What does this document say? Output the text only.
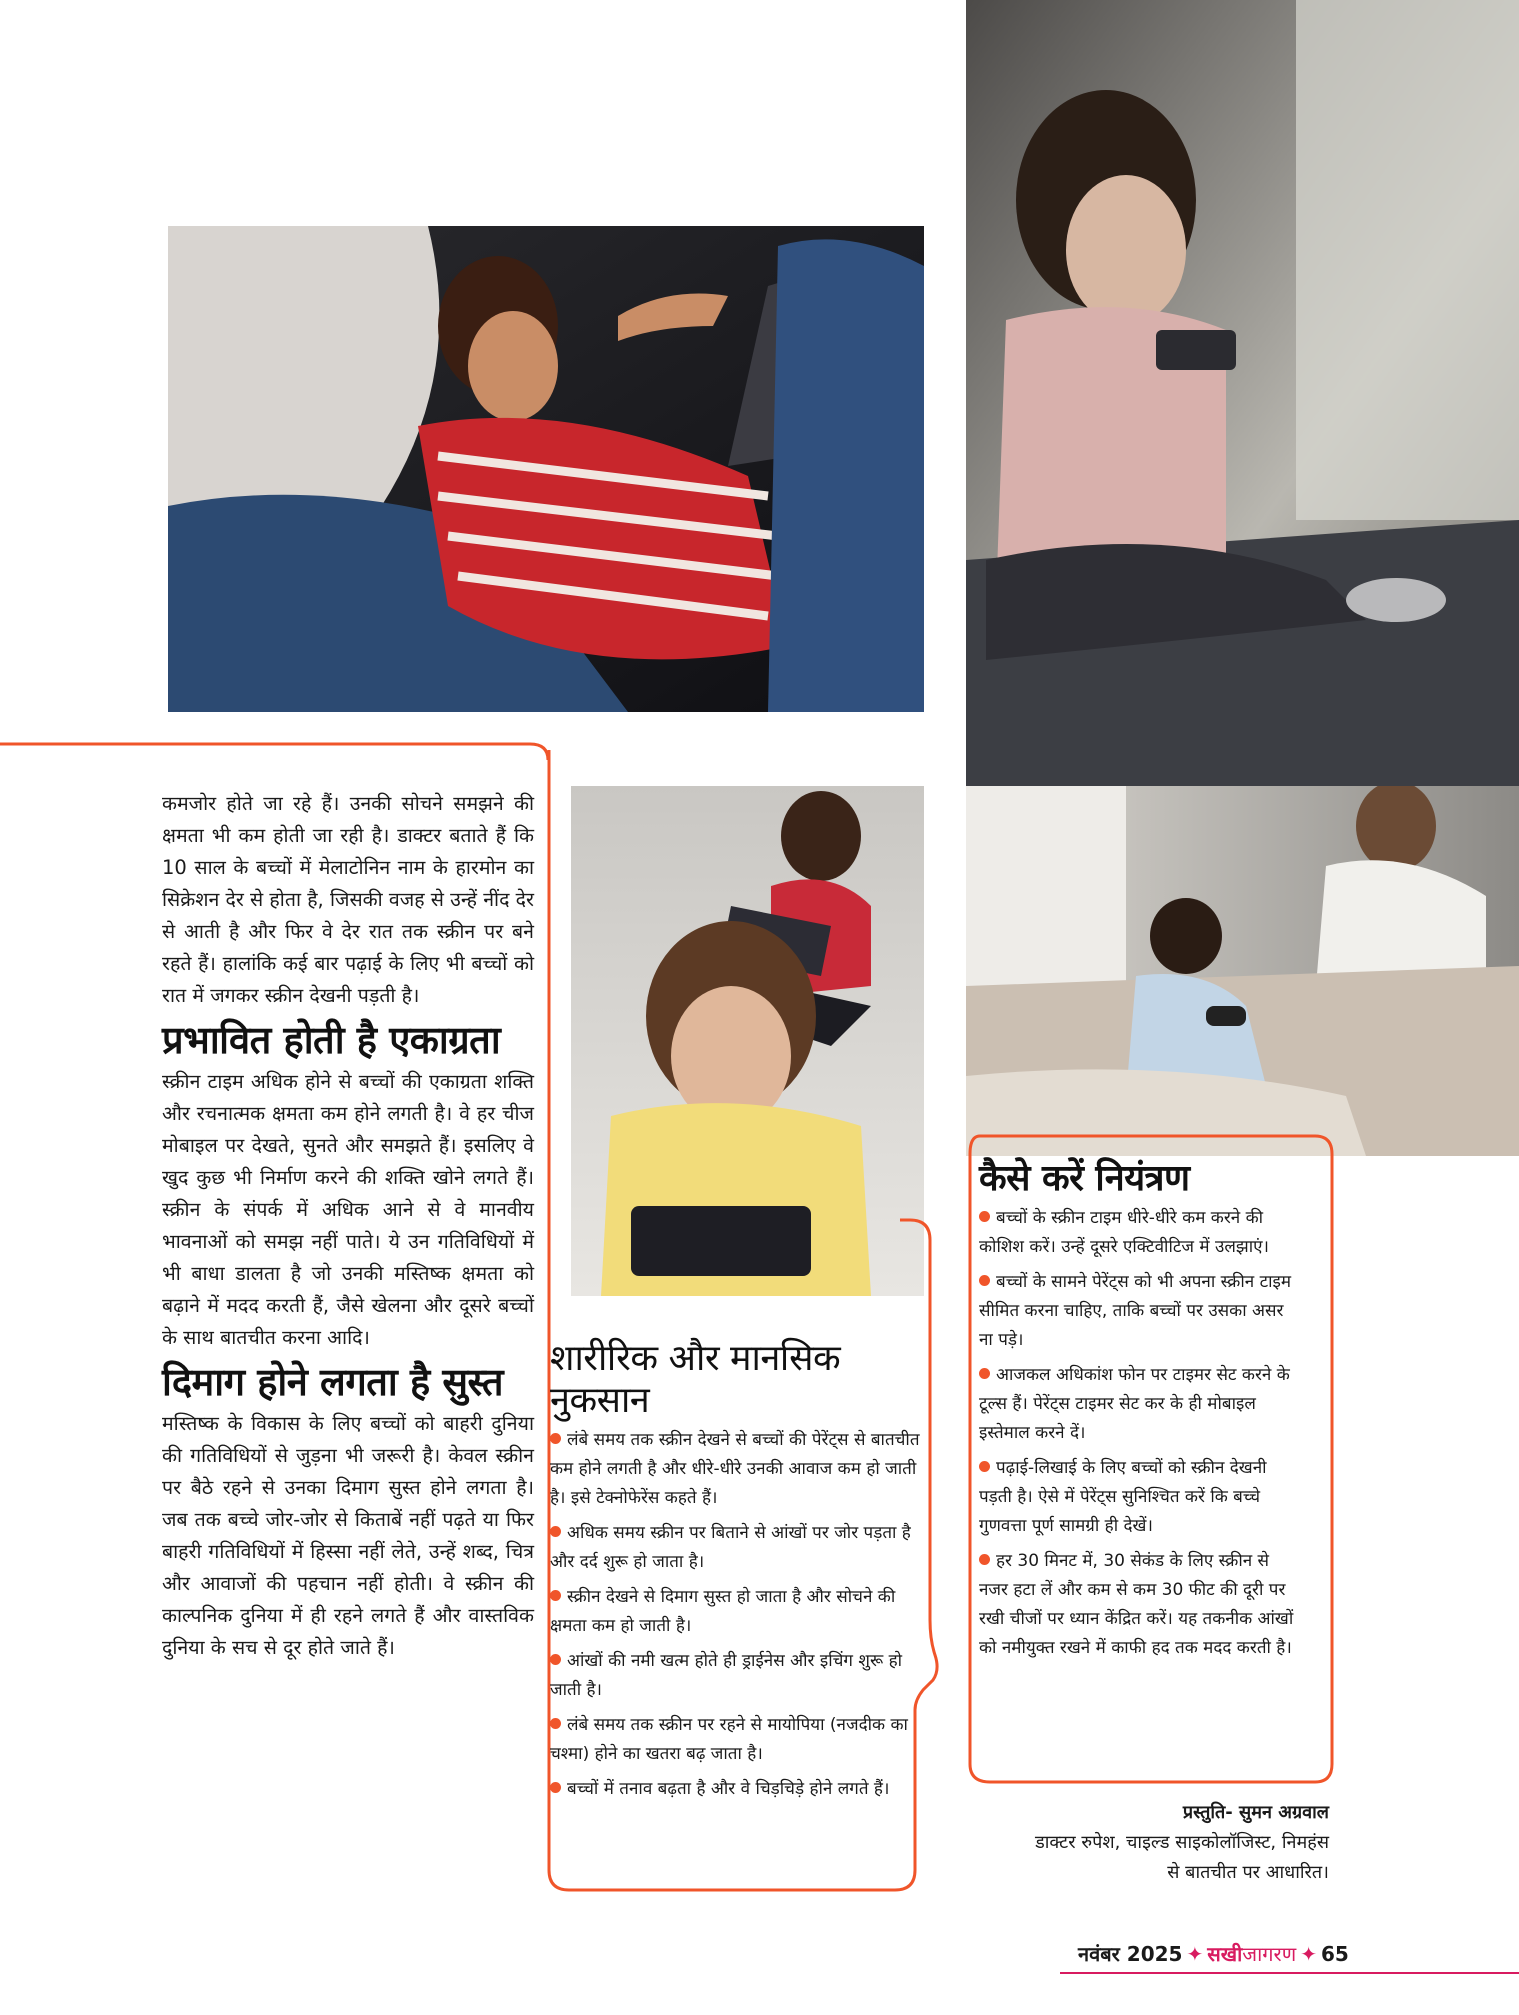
कमजोर होते जा रहे हैं। उनकी सोचने समझने की क्षमता भी कम होती जा रही है। डाक्टर बताते हैं कि 10 साल के बच्चों में मेलाटोनिन नाम के हारमोन का सिक्रेशन देर से होता है, जिसकी वजह से उन्हें नींद देर से आती है और फिर वे देर रात तक स्क्रीन पर बने रहते हैं। हालांकि कई बार पढ़ाई के लिए भी बच्चों को रात में जगकर स्क्रीन देखनी पड़ती है।

प्रभावित होती है एकाग्रता

स्क्रीन टाइम अधिक होने से बच्चों की एकाग्रता शक्ति और रचनात्मक क्षमता कम होने लगती है। वे हर चीज मोबाइल पर देखते, सुनते और समझते हैं। इसलिए वे खुद कुछ भी निर्माण करने की शक्ति खोने लगते हैं। स्क्रीन के संपर्क में अधिक आने से वे मानवीय भावनाओं को समझ नहीं पाते। ये उन गतिविधियों में भी बाधा डालता है जो उनकी मस्तिष्क क्षमता को बढ़ाने में मदद करती हैं, जैसे खेलना और दूसरे बच्चों के साथ बातचीत करना आदि।

दिमाग होने लगता है सुस्त

मस्तिष्क के विकास के लिए बच्चों को बाहरी दुनिया की गतिविधियों से जुड़ना भी जरूरी है। केवल स्क्रीन पर बैठे रहने से उनका दिमाग सुस्त होने लगता है। जब तक बच्चे जोर-जोर से किताबें नहीं पढ़ते या फिर बाहरी गतिविधियों में हिस्सा नहीं लेते, उन्हें शब्द, चित्र और आवाजों की पहचान नहीं होती। वे स्क्रीन की काल्पनिक दुनिया में ही रहने लगते हैं और वास्तविक दुनिया के सच से दूर होते जाते हैं।

शारीरिक और मानसिक नुकसान
लंबे समय तक स्क्रीन देखने से बच्चों की पेरेंट्स से बातचीत कम होने लगती है और धीरे-धीरे उनकी आवाज कम हो जाती है। इसे टेक्नोफेरेंस कहते हैं।
अधिक समय स्क्रीन पर बिताने से आंखों पर जोर पड़ता है और दर्द शुरू हो जाता है।
स्क्रीन देखने से दिमाग सुस्त हो जाता है और सोचने की क्षमता कम हो जाती है।
आंखों की नमी खत्म होते ही ड्राईनेस और इचिंग शुरू हो जाती है।
लंबे समय तक स्क्रीन पर रहने से मायोपिया (नजदीक का चश्मा) होने का खतरा बढ़ जाता है।
बच्चों में तनाव बढ़ता है और वे चिड़चिड़े होने लगते हैं।
कैसे करें नियंत्रण
बच्चों के स्क्रीन टाइम धीरे-धीरे कम करने की कोशिश करें। उन्हें दूसरे एक्टिवीटिज में उलझाएं।
बच्चों के सामने पेरेंट्स को भी अपना स्क्रीन टाइम सीमित करना चाहिए, ताकि बच्चों पर उसका असर ना पड़े।
आजकल अधिकांश फोन पर टाइमर सेट करने के टूल्स हैं। पेरेंट्स टाइमर सेट कर के ही मोबाइल इस्तेमाल करने दें।
पढ़ाई-लिखाई के लिए बच्चों को स्क्रीन देखनी पड़ती है। ऐसे में पेरेंट्स सुनिश्चित करें कि बच्चे गुणवत्ता पूर्ण सामग्री ही देखें।
हर 30 मिनट में, 30 सेकंड के लिए स्क्रीन से नजर हटा लें और कम से कम 30 फीट की दूरी पर रखी चीजों पर ध्यान केंद्रित करें। यह तकनीक आंखों को नमीयुक्त रखने में काफी हद तक मदद करती है।
प्रस्तुति- सुमन अग्रवाल
डाक्टर रुपेश, चाइल्ड साइकोलॉजिस्ट, निमहंस
से बातचीत पर आधारित।
नवंबर 2025 ✦ सखी जागरण ✦ 65
